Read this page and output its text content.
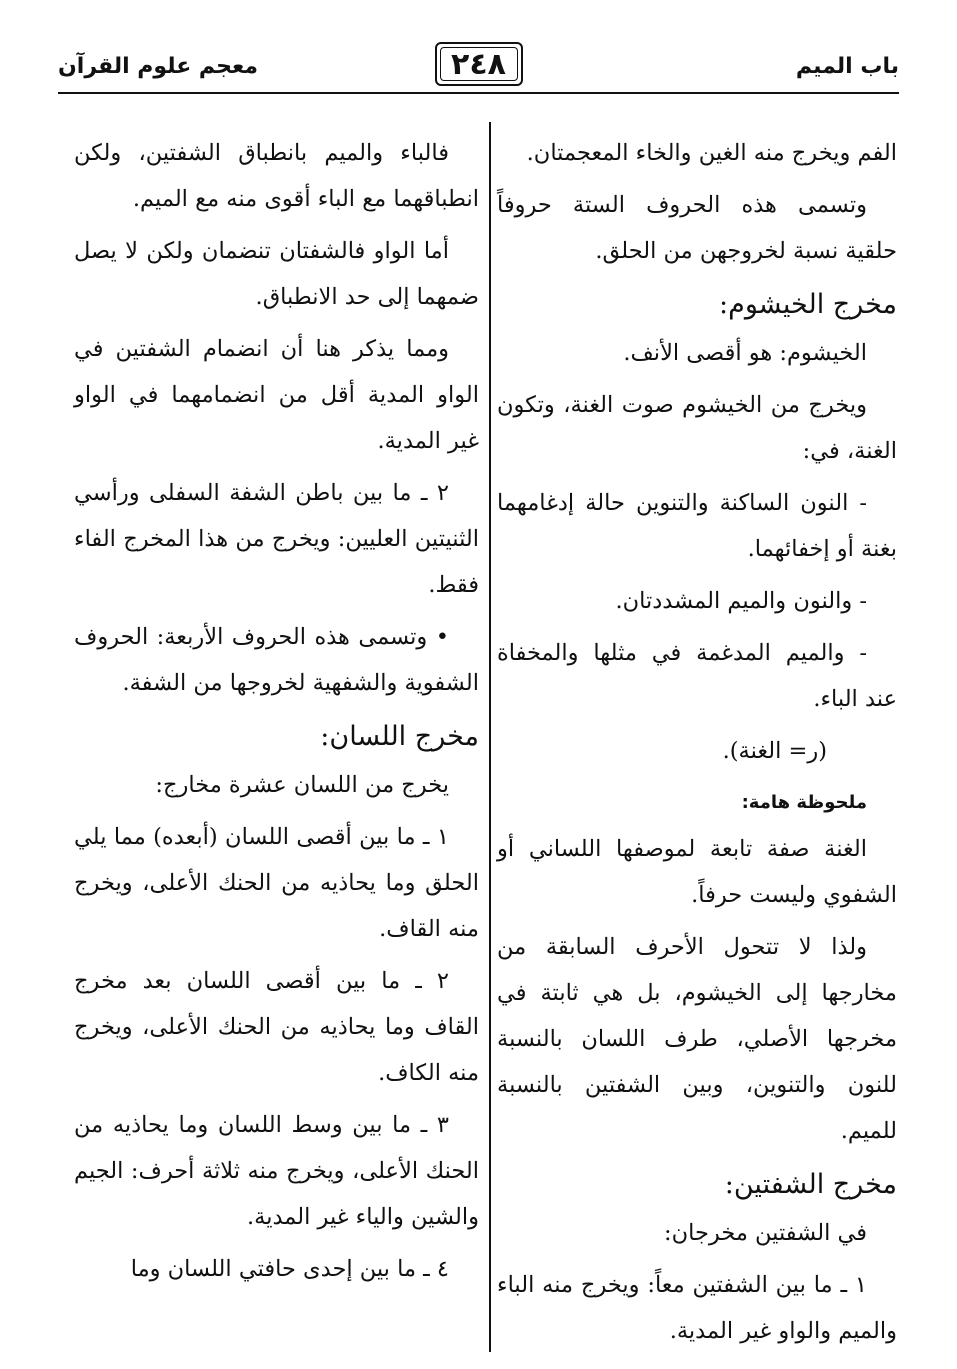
باب الميم
٢٤٨
معجم علوم القرآن

الفم ويخرج منه الغين والخاء المعجمتان.

وتسمى هذه الحروف الستة حروفاً حلقية نسبة لخروجهن من الحلق.

مخرج الخيشوم:

الخيشوم: هو أقصى الأنف.

ويخرج من الخيشوم صوت الغنة، وتكون الغنة، في:

- النون الساكنة والتنوين حالة إدغامهما بغنة أو إخفائهما.

- والنون والميم المشددتان.

- والميم المدغمة في مثلها والمخفاة عند الباء.

(ر= الغنة).

ملحوظة هامة:

الغنة صفة تابعة لموصفها اللساني أو الشفوي وليست حرفاً.

ولذا لا تتحول الأحرف السابقة من مخارجها إلى الخيشوم، بل هي ثابتة في مخرجها الأصلي، طرف اللسان بالنسبة للنون والتنوين، وبين الشفتين بالنسبة للميم.

مخرج الشفتين:

في الشفتين مخرجان:

١ ـ ما بين الشفتين معاً: ويخرج منه الباء والميم والواو غير المدية.

فالباء والميم بانطباق الشفتين، ولكن انطباقهما مع الباء أقوى منه مع الميم.

أما الواو فالشفتان تنضمان ولكن لا يصل ضمهما إلى حد الانطباق.

ومما يذكر هنا أن انضمام الشفتين في الواو المدية أقل من انضمامهما في الواو غير المدية.

٢ ـ ما بين باطن الشفة السفلى ورأسي الثنيتين العليين: ويخرج من هذا المخرج الفاء فقط.

• وتسمى هذه الحروف الأربعة: الحروف الشفوية والشفهية لخروجها من الشفة.

مخرج اللسان:

يخرج من اللسان عشرة مخارج:

١ ـ ما بين أقصى اللسان (أبعده) مما يلي الحلق وما يحاذيه من الحنك الأعلى، ويخرج منه القاف.

٢ ـ ما بين أقصى اللسان بعد مخرج القاف وما يحاذيه من الحنك الأعلى، ويخرج منه الكاف.

٣ ـ ما بين وسط اللسان وما يحاذيه من الحنك الأعلى، ويخرج منه ثلاثة أحرف: الجيم والشين والياء غير المدية.

٤ ـ ما بين إحدى حافتي اللسان وما
